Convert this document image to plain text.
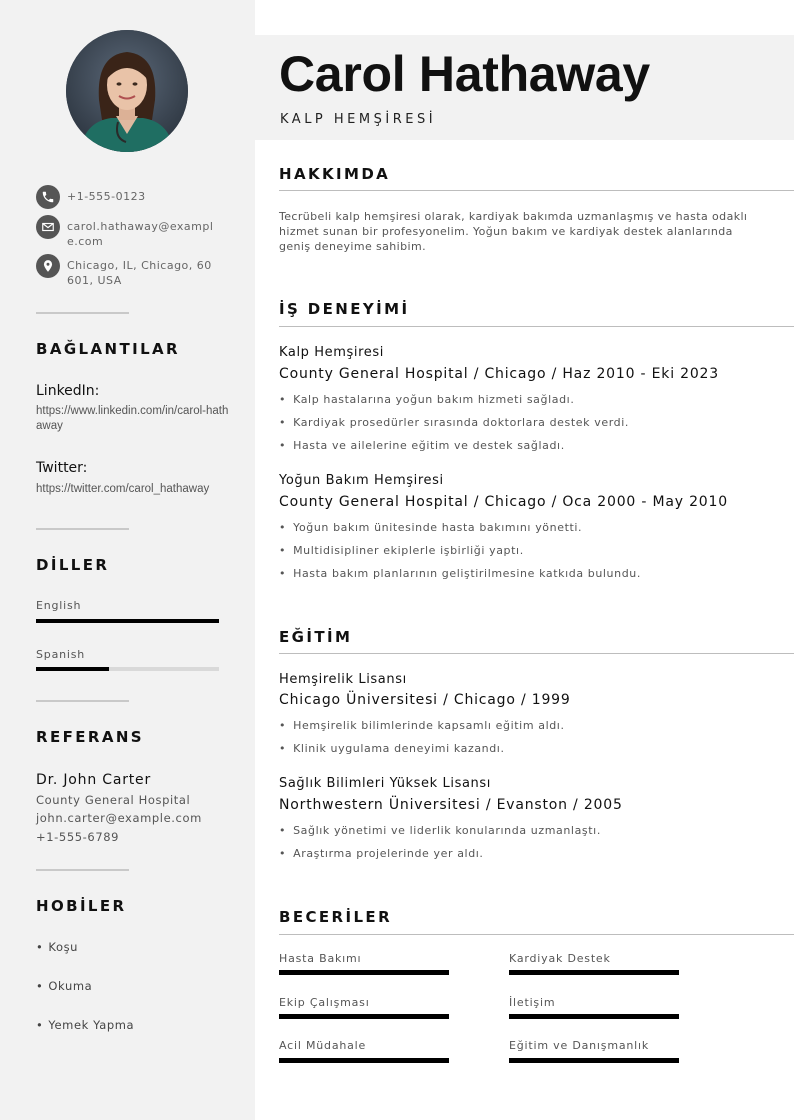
+1-555-0123
carol.hathaway@example.com
Chicago, IL, Chicago, 60601, USA
BAĞLANTILAR
LinkedIn:
https://www.linkedin.com/in/carol-hathaway
Twitter:
https://twitter.com/carol_hathaway
DİLLER
English
Spanish
REFERANS
Dr. John Carter
County General Hospital
john.carter@example.com
+1-555-6789
HOBİLER
• Koşu
• Okuma
• Yemek Yapma
Carol Hathaway
KALP HEMŞİRESİ
HAKKIMDA
Tecrübeli kalp hemşiresi olarak, kardiyak bakımda uzmanlaşmış ve hasta odaklı hizmet sunan bir profesyonelim. Yoğun bakım ve kardiyak destek alanlarında geniş deneyime sahibim.
İŞ DENEYİMİ
Kalp Hemşiresi
County General Hospital / Chicago / Haz 2010 - Eki 2023
• Kalp hastalarına yoğun bakım hizmeti sağladı.
• Kardiyak prosedürler sırasında doktorlara destek verdi.
• Hasta ve ailelerine eğitim ve destek sağladı.
Yoğun Bakım Hemşiresi
County General Hospital / Chicago / Oca 2000 - May 2010
• Yoğun bakım ünitesinde hasta bakımını yönetti.
• Multidisipliner ekiplerle işbirliği yaptı.
• Hasta bakım planlarının geliştirilmesine katkıda bulundu.
EĞİTİM
Hemşirelik Lisansı
Chicago Üniversitesi / Chicago / 1999
• Hemşirelik bilimlerinde kapsamlı eğitim aldı.
• Klinik uygulama deneyimi kazandı.
Sağlık Bilimleri Yüksek Lisansı
Northwestern Üniversitesi / Evanston / 2005
• Sağlık yönetimi ve liderlik konularında uzmanlaştı.
• Araştırma projelerinde yer aldı.
BECERİLER
Hasta Bakımı	Kardiyak Destek
Ekip Çalışması	İletişim
Acil Müdahale	Eğitim ve Danışmanlık
